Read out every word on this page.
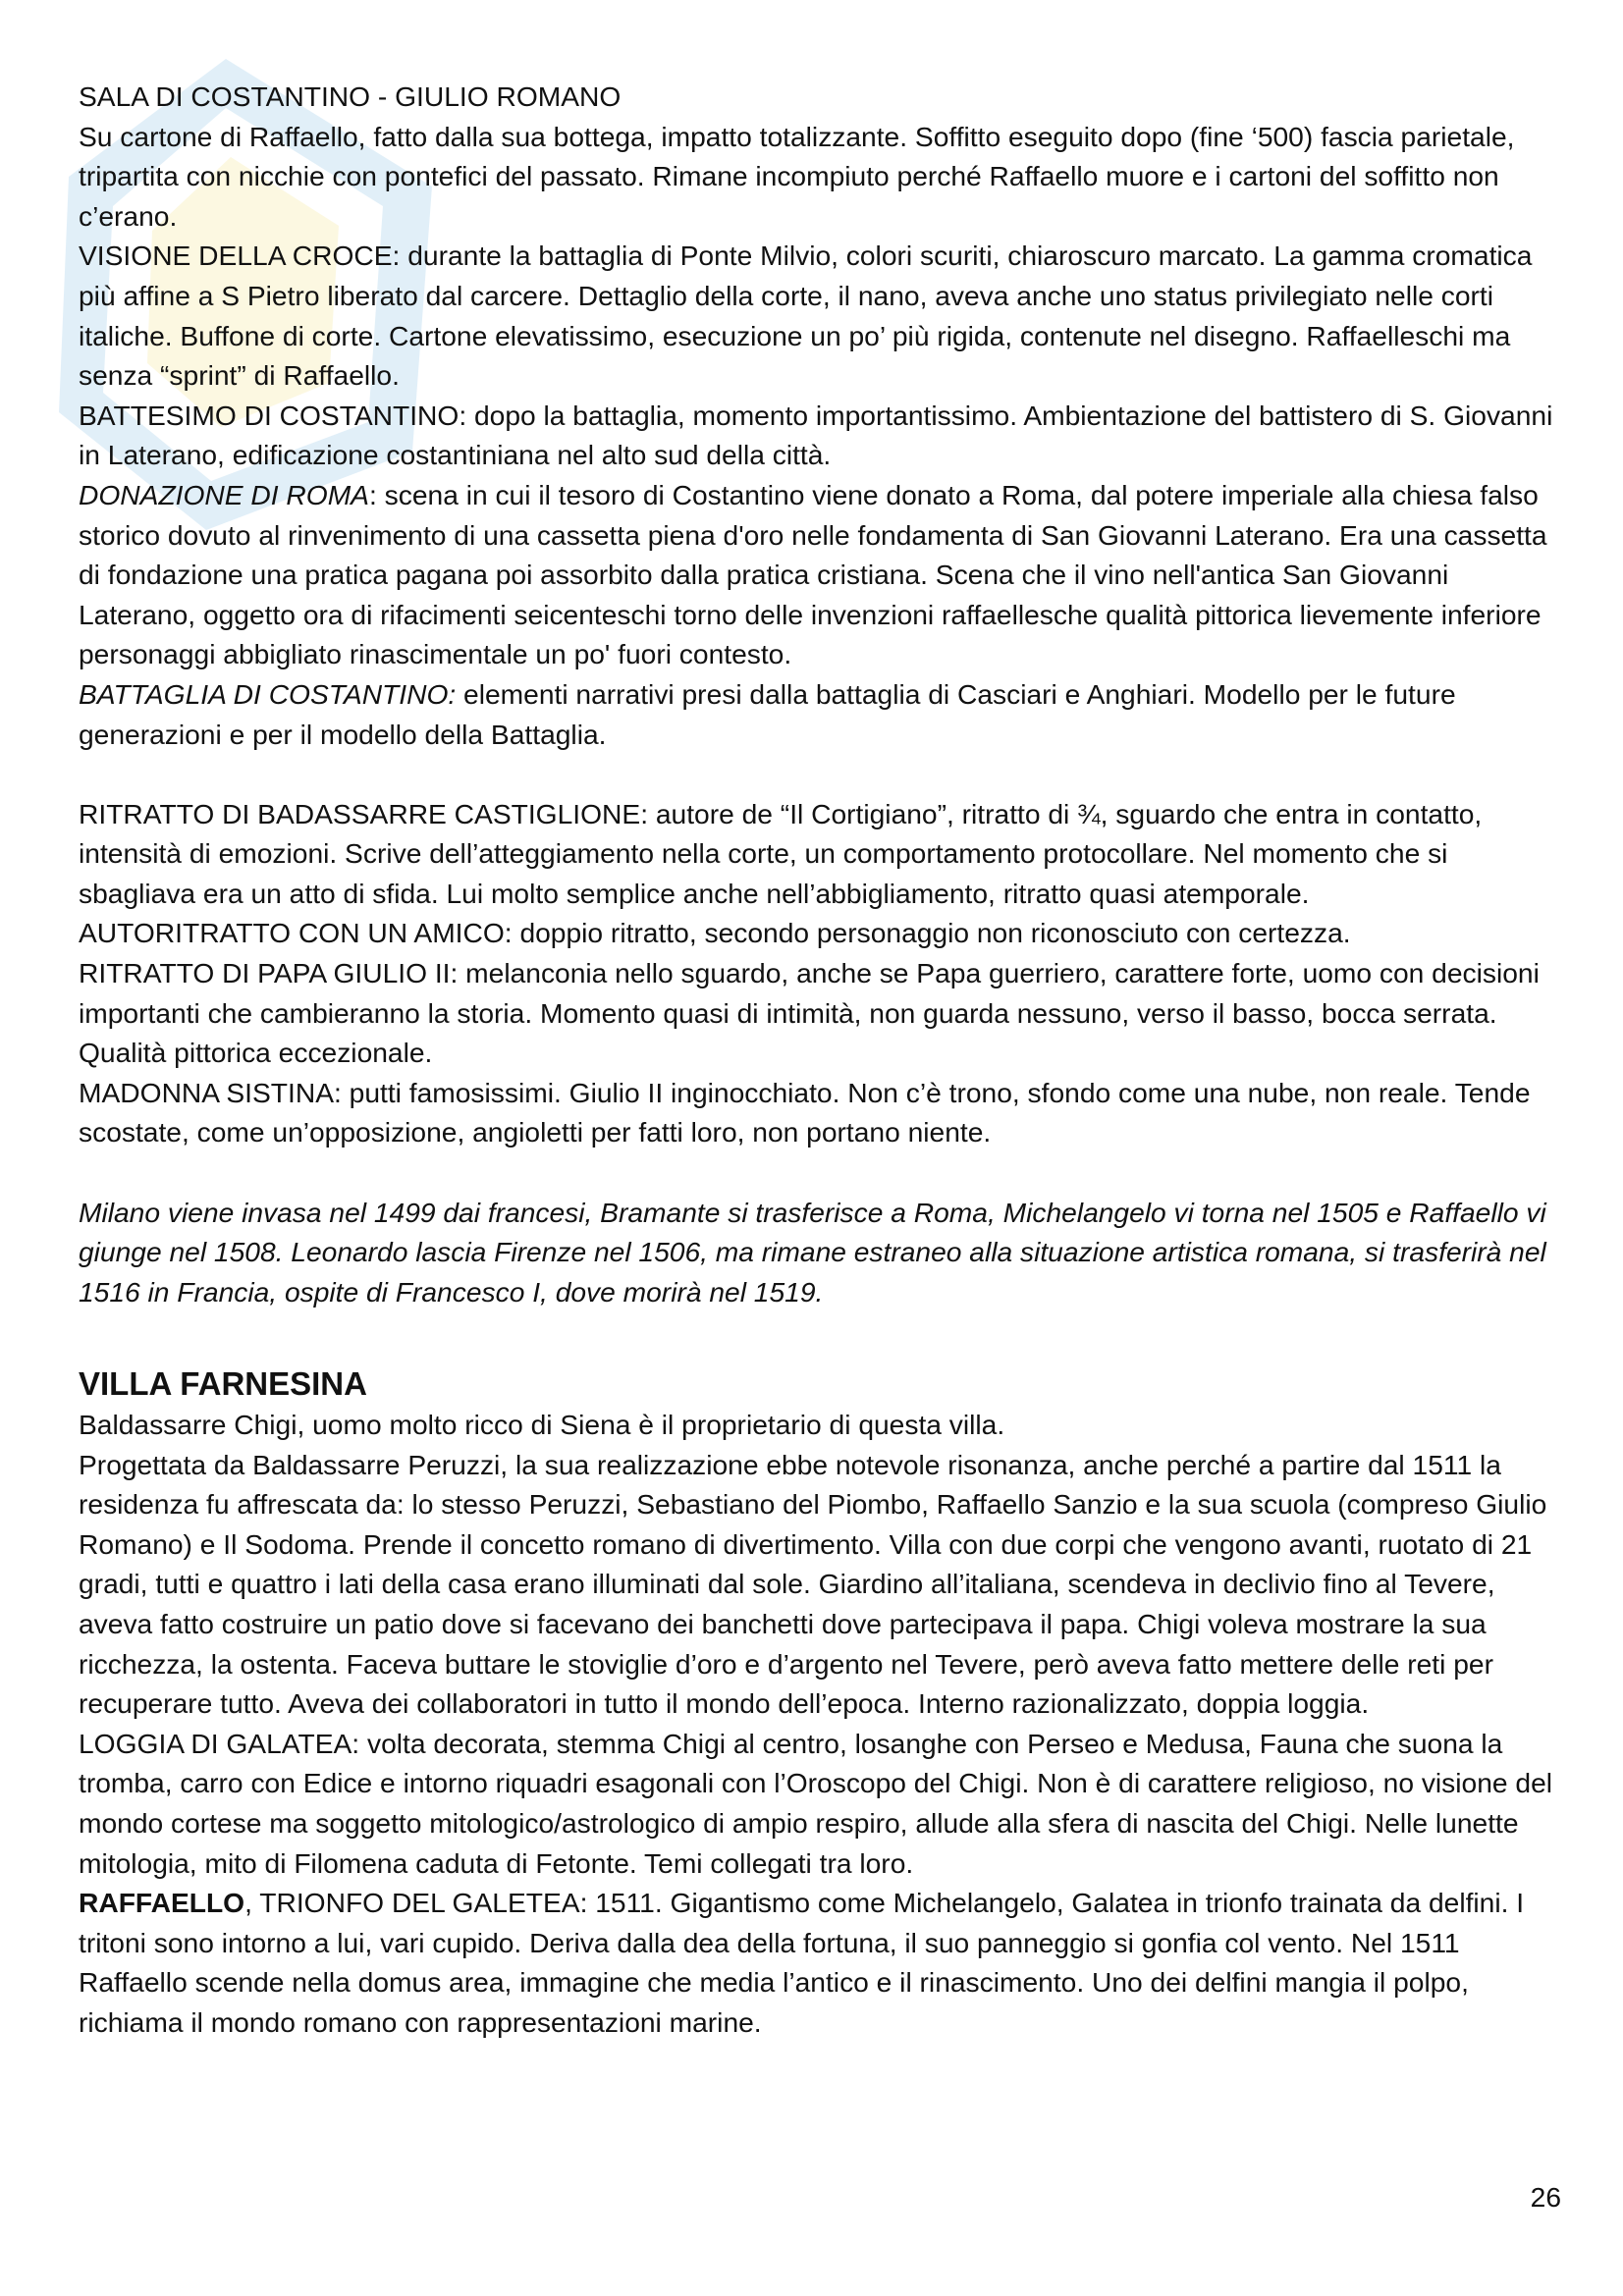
SALA DI COSTANTINO - GIULIO ROMANO

Su cartone di Raffaello, fatto dalla sua bottega, impatto totalizzante. Soffitto eseguito dopo (fine ‘500) fascia parietale, tripartita con nicchie con pontefici del passato. Rimane incompiuto perché Raffaello muore e i cartoni del soffitto non c’erano.

VISIONE DELLA CROCE: durante la battaglia di Ponte Milvio, colori scuriti, chiaroscuro marcato. La gamma cromatica più affine a S Pietro liberato dal carcere. Dettaglio della corte, il nano, aveva anche uno status privilegiato nelle corti italiche. Buffone di corte. Cartone elevatissimo, esecuzione un po’ più rigida, contenute nel disegno. Raffaelleschi ma senza “sprint” di Raffaello.

BATTESIMO DI COSTANTINO: dopo la battaglia, momento importantissimo. Ambientazione del battistero di S. Giovanni in Laterano, edificazione costantiniana nel alto sud della città.

DONAZIONE DI ROMA: scena in cui il tesoro di Costantino viene donato a Roma, dal potere imperiale alla chiesa falso storico dovuto al rinvenimento di una cassetta piena d'oro nelle fondamenta di San Giovanni Laterano. Era una cassetta di fondazione una pratica pagana poi assorbito dalla pratica cristiana. Scena che il vino nell'antica San Giovanni Laterano, oggetto ora di rifacimenti seicenteschi torno delle invenzioni raffaellesche qualità pittorica lievemente inferiore personaggi abbigliato rinascimentale un po' fuori contesto.

BATTAGLIA DI COSTANTINO: elementi narrativi presi dalla battaglia di Casciari e Anghiari. Modello per le future generazioni e per il modello della Battaglia.

RITRATTO DI BADASSARRE CASTIGLIONE: autore de “Il Cortigiano”, ritratto di ¾, sguardo che entra in contatto, intensità di emozioni. Scrive dell’atteggiamento nella corte, un comportamento protocollare. Nel momento che si sbagliava era un atto di sfida. Lui molto semplice anche nell’abbigliamento, ritratto quasi atemporale.

AUTORITRATTO CON UN AMICO: doppio ritratto, secondo personaggio non riconosciuto con certezza.

RITRATTO DI PAPA GIULIO II: melanconia nello sguardo, anche se Papa guerriero, carattere forte, uomo con decisioni importanti che cambieranno la storia. Momento quasi di intimità, non guarda nessuno, verso il basso, bocca serrata. Qualità pittorica eccezionale.

MADONNA SISTINA: putti famosissimi. Giulio II inginocchiato. Non c’è trono, sfondo come una nube, non reale. Tende scostate, come un’opposizione, angioletti per fatti loro, non portano niente.

Milano viene invasa nel 1499 dai francesi, Bramante si trasferisce a Roma, Michelangelo vi torna nel 1505 e Raffaello vi giunge nel 1508. Leonardo lascia Firenze nel 1506, ma rimane estraneo alla situazione artistica romana, si trasferirà nel 1516 in Francia, ospite di Francesco I, dove morirà nel 1519.

VILLA FARNESINA

Baldassarre Chigi, uomo molto ricco di Siena è il proprietario di questa villa.

Progettata da Baldassarre Peruzzi, la sua realizzazione ebbe notevole risonanza, anche perché a partire dal 1511 la residenza fu affrescata da: lo stesso Peruzzi, Sebastiano del Piombo, Raffaello Sanzio e la sua scuola (compreso Giulio Romano) e Il Sodoma. Prende il concetto romano di divertimento. Villa con due corpi che vengono avanti, ruotato di 21 gradi, tutti e quattro i lati della casa erano illuminati dal sole. Giardino all’italiana, scendeva in declivio fino al Tevere, aveva fatto costruire un patio dove si facevano dei banchetti dove partecipava il papa. Chigi voleva mostrare la sua ricchezza, la ostenta. Faceva buttare le stoviglie d’oro e d’argento nel Tevere, però aveva fatto mettere delle reti per recuperare tutto. Aveva dei collaboratori in tutto il mondo dell’epoca. Interno razionalizzato, doppia loggia.

LOGGIA DI GALATEA: volta decorata, stemma Chigi al centro, losanghe con Perseo e Medusa, Fauna che suona la tromba, carro con Edice e intorno riquadri esagonali con l’Oroscopo del Chigi. Non è di carattere religioso, no visione del mondo cortese ma soggetto mitologico/astrologico di ampio respiro, allude alla sfera di nascita del Chigi. Nelle lunette mitologia, mito di Filomena caduta di Fetonte. Temi collegati tra loro.

RAFFAELLO, TRIONFO DEL GALETEA: 1511. Gigantismo come Michelangelo, Galatea in trionfo trainata da delfini. I tritoni sono intorno a lui, vari cupido. Deriva dalla dea della fortuna, il suo panneggio si gonfia col vento. Nel 1511 Raffaello scende nella domus area, immagine che media l’antico e il rinascimento. Uno dei delfini mangia il polpo, richiama il mondo romano con rappresentazioni marine.

26
